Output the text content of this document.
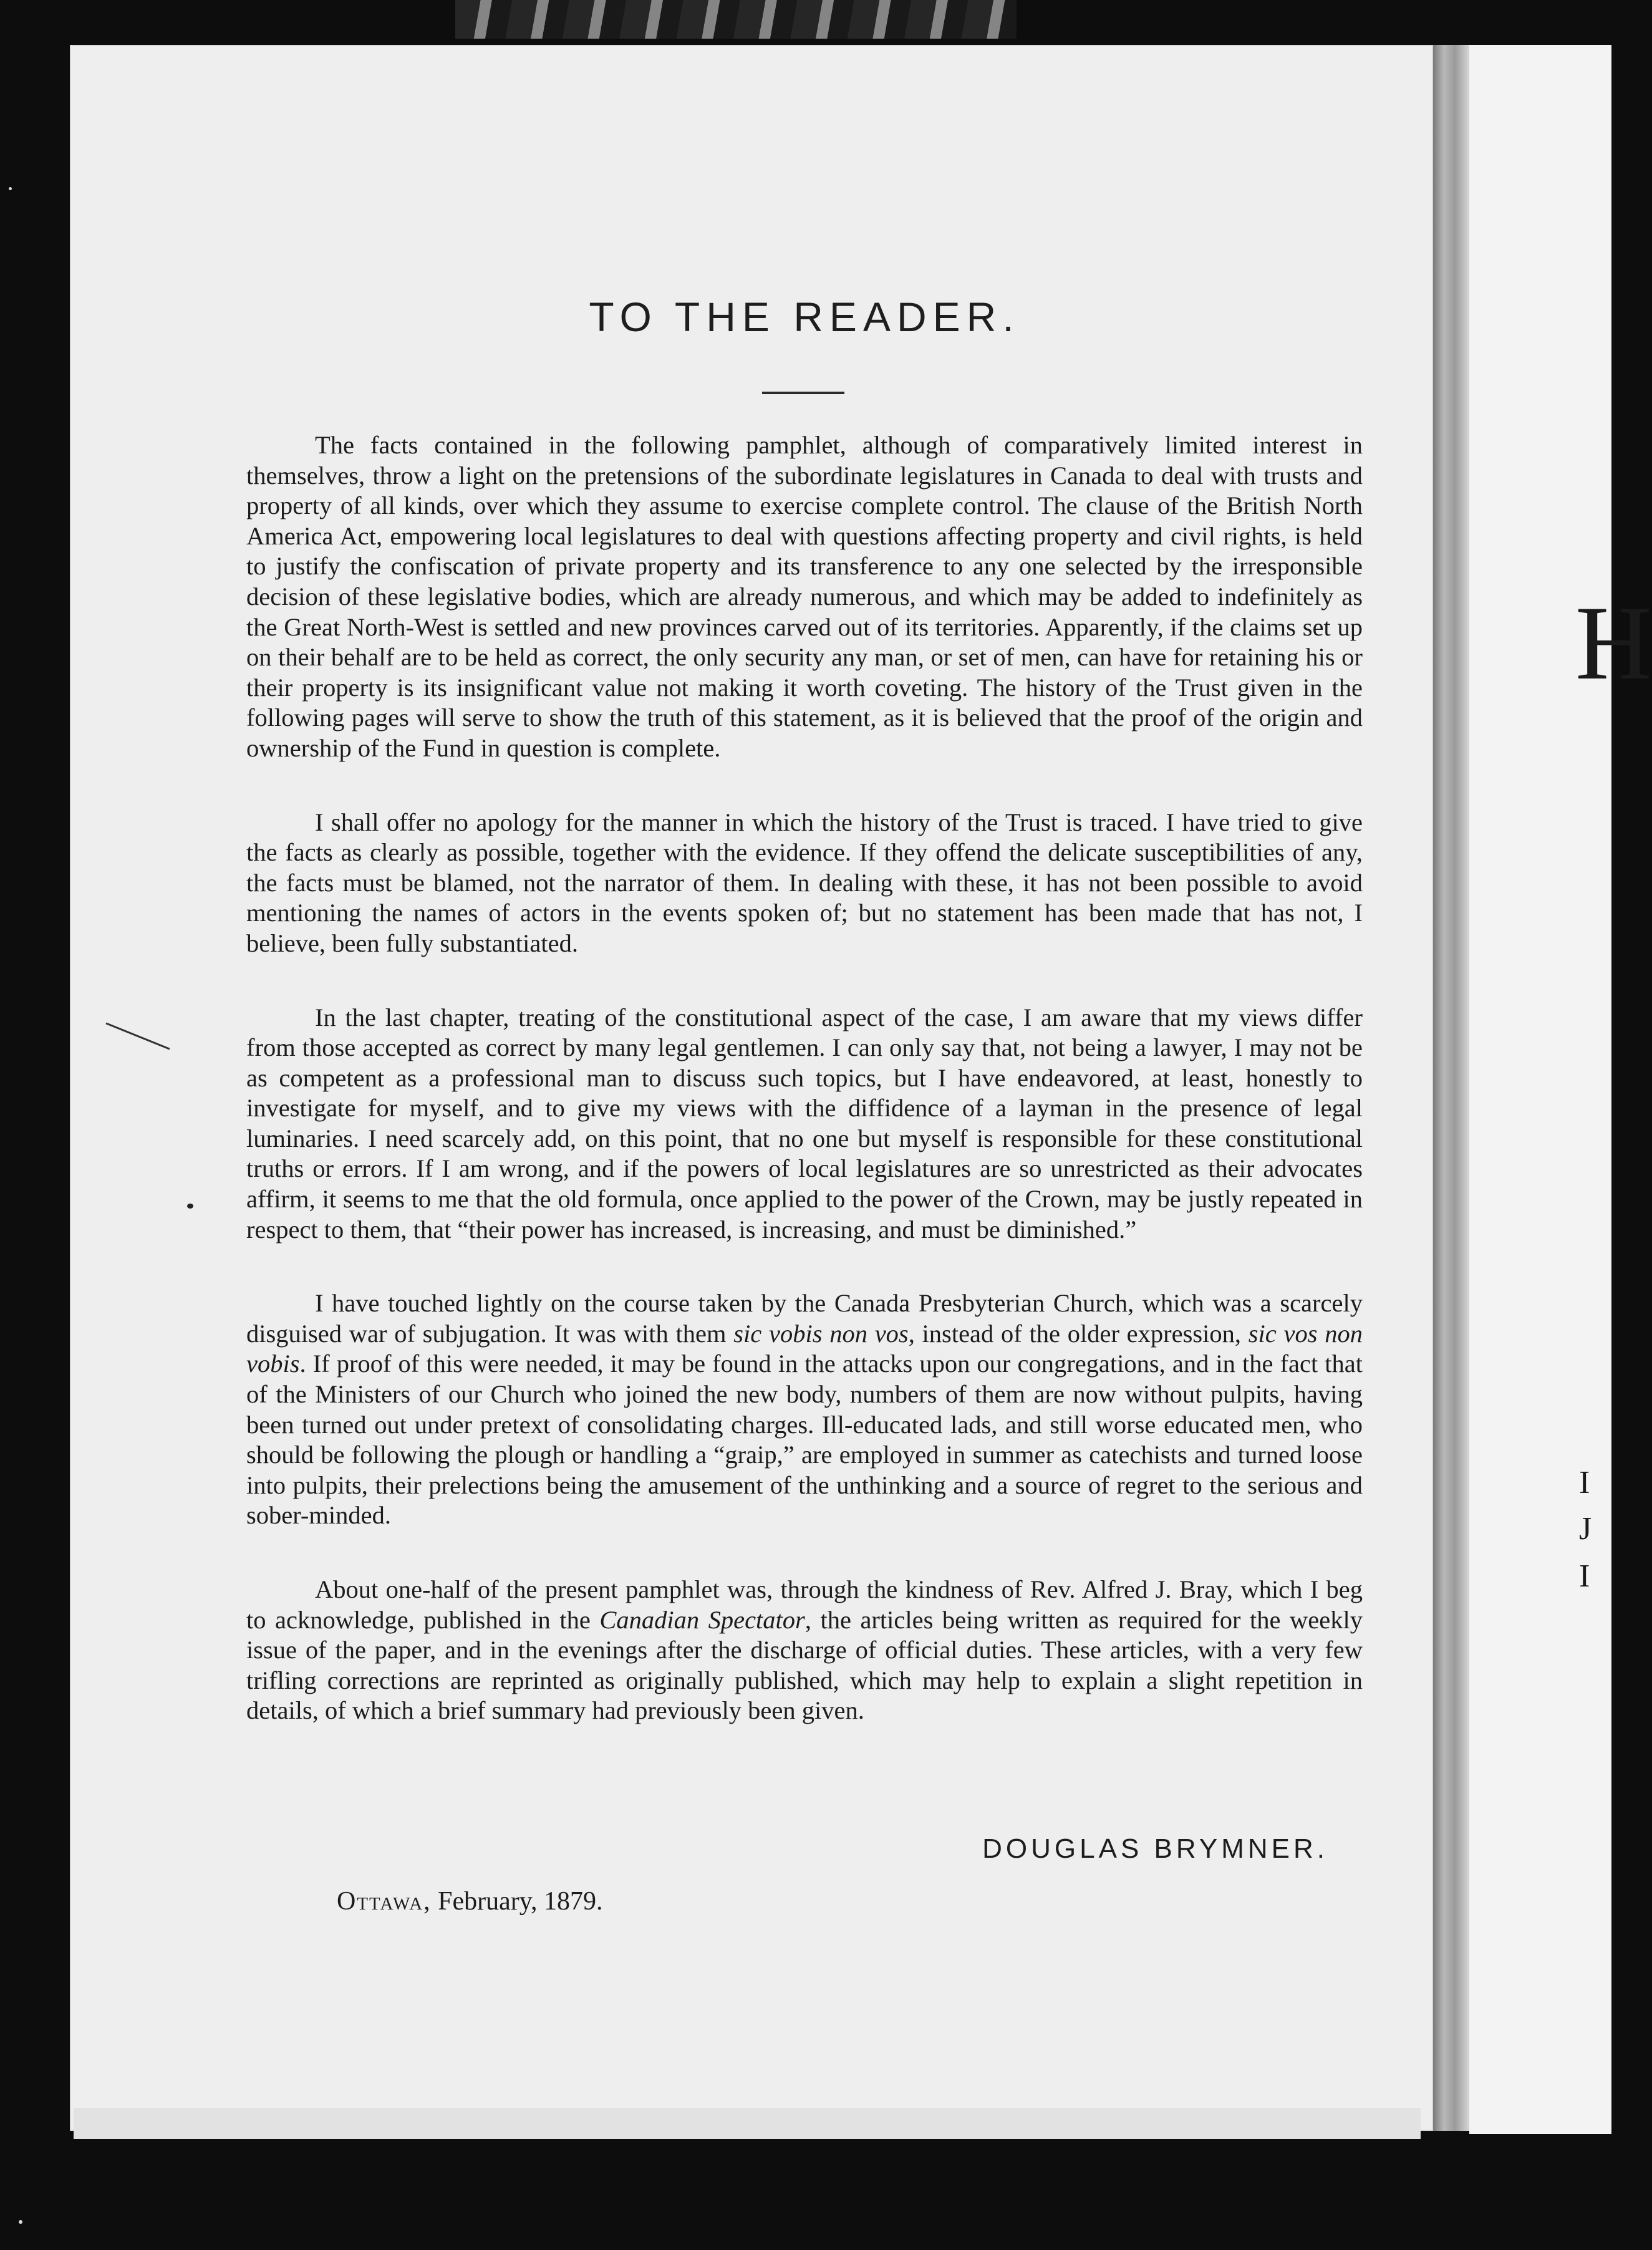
H
I
J
I
TO THE READER.

The facts contained in the following pamphlet, although of comparatively limited interest in themselves, throw a light on the pretensions of the subordinate legislatures in Canada to deal with trusts and property of all kinds, over which they assume to exercise complete control. The clause of the British North America Act, empowering local legislatures to deal with questions affecting property and civil rights, is held to justify the confiscation of private property and its transference to any one selected by the irresponsible decision of these legislative bodies, which are already numerous, and which may be added to indefinitely as the Great North-West is settled and new provinces carved out of its territories. Apparently, if the claims set up on their behalf are to be held as correct, the only security any man, or set of men, can have for retaining his or their property is its insignificant value not making it worth coveting. The history of the Trust given in the following pages will serve to show the truth of this statement, as it is believed that the proof of the origin and ownership of the Fund in question is complete.

I shall offer no apology for the manner in which the history of the Trust is traced. I have tried to give the facts as clearly as possible, together with the evidence. If they offend the delicate susceptibilities of any, the facts must be blamed, not the narrator of them. In dealing with these, it has not been possible to avoid mentioning the names of actors in the events spoken of; but no statement has been made that has not, I believe, been fully substantiated.

In the last chapter, treating of the constitutional aspect of the case, I am aware that my views differ from those accepted as correct by many legal gentlemen. I can only say that, not being a lawyer, I may not be as competent as a professional man to discuss such topics, but I have endeavored, at least, honestly to investigate for myself, and to give my views with the diffidence of a layman in the presence of legal luminaries. I need scarcely add, on this point, that no one but myself is responsible for these constitutional truths or errors. If I am wrong, and if the powers of local legislatures are so unrestricted as their advocates affirm, it seems to me that the old formula, once applied to the power of the Crown, may be justly repeated in respect to them, that “their power has increased, is increasing, and must be diminished.”

I have touched lightly on the course taken by the Canada Presbyterian Church, which was a scarcely disguised war of subjugation. It was with them sic vobis non vos, instead of the older expression, sic vos non vobis. If proof of this were needed, it may be found in the attacks upon our congregations, and in the fact that of the Ministers of our Church who joined the new body, numbers of them are now without pulpits, having been turned out under pretext of consolidating charges. Ill-educated lads, and still worse educated men, who should be following the plough or handling a “graip,” are employed in summer as catechists and turned loose into pulpits, their prelections being the amusement of the unthinking and a source of regret to the serious and sober-minded.

About one-half of the present pamphlet was, through the kindness of Rev. Alfred J. Bray, which I beg to acknowledge, published in the Canadian Spectator, the articles being written as required for the weekly issue of the paper, and in the evenings after the discharge of official duties. These articles, with a very few trifling corrections are reprinted as originally published, which may help to explain a slight repetition in details, of which a brief summary had previously been given.

DOUGLAS BRYMNER.
Ottawa, February, 1879.
